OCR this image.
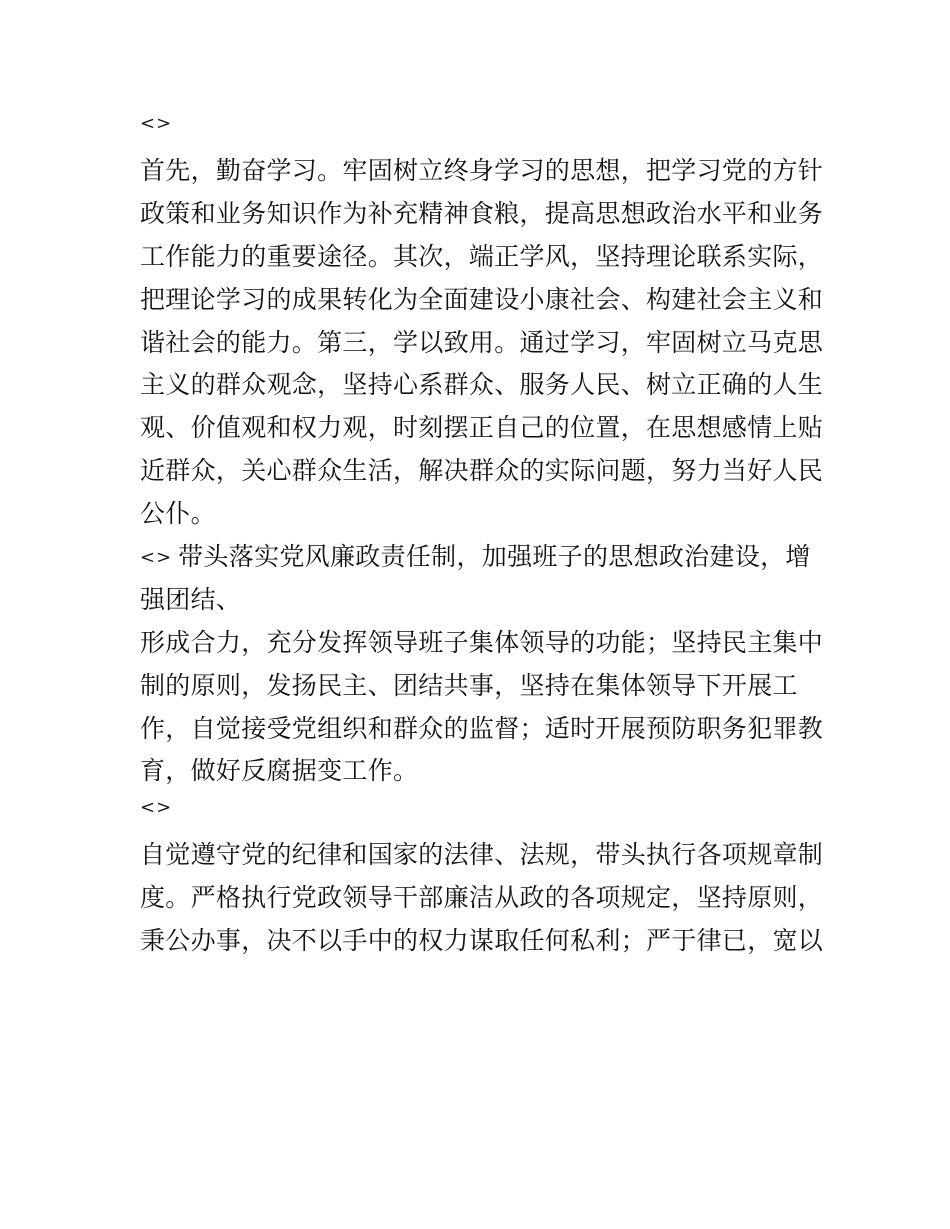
<>
首先，勤奋学习。牢固树立终身学习的思想，把学习党的方针
政策和业务知识作为补充精神食粮，提高思想政治水平和业务
工作能力的重要途径。其次，端正学风，坚持理论联系实际，
把理论学习的成果转化为全面建设小康社会、构建社会主义和
谐社会的能力。第三，学以致用。通过学习，牢固树立马克思
主义的群众观念，坚持心系群众、服务人民、树立正确的人生
观、价值观和权力观，时刻摆正自己的位置，在思想感情上贴
近群众，关心群众生活，解决群众的实际问题，努力当好人民
公仆。
<> 带头落实党风廉政责任制，加强班子的思想政治建设，增
强团结、
形成合力，充分发挥领导班子集体领导的功能；坚持民主集中
制的原则，发扬民主、团结共事，坚持在集体领导下开展工
作，自觉接受党组织和群众的监督；适时开展预防职务犯罪教
育，做好反腐据变工作。
<>
自觉遵守党的纪律和国家的法律、法规，带头执行各项规章制
度。严格执行党政领导干部廉洁从政的各项规定，坚持原则，
秉公办事，决不以手中的权力谋取任何私利；严于律已，宽以
